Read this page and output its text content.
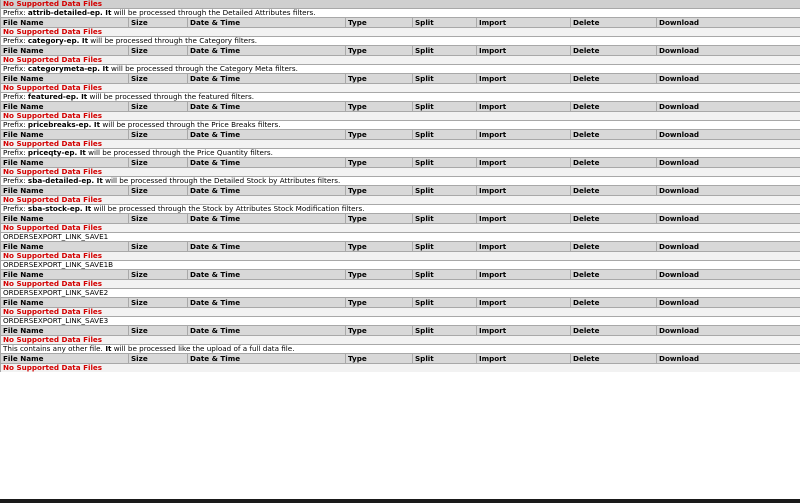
No Supported Data Files							
Prefix: attrib-detailed-ep. It will be processed through the Detailed Attributes filters.							
File Name	Size	Date & Time	Type	Split	Import	Delete	Download
No Supported Data Files							
Prefix: category-ep. It will be processed through the Category filters.							
File Name	Size	Date & Time	Type	Split	Import	Delete	Download
No Supported Data Files							
Prefix: categorymeta-ep. It will be processed through the Category Meta filters.							
File Name	Size	Date & Time	Type	Split	Import	Delete	Download
No Supported Data Files							
Prefix: featured-ep. It will be processed through the featured filters.							
File Name	Size	Date & Time	Type	Split	Import	Delete	Download
No Supported Data Files							
Prefix: pricebreaks-ep. It will be processed through the Price Breaks filters.							
File Name	Size	Date & Time	Type	Split	Import	Delete	Download
No Supported Data Files							
Prefix: priceqty-ep. It will be processed through the Price Quantity filters.							
File Name	Size	Date & Time	Type	Split	Import	Delete	Download
No Supported Data Files							
Prefix: sba-detailed-ep. It will be processed through the Detailed Stock by Attributes filters.							
File Name	Size	Date & Time	Type	Split	Import	Delete	Download
No Supported Data Files							
Prefix: sba-stock-ep. It will be processed through the Stock by Attributes Stock Modification filters.							
File Name	Size	Date & Time	Type	Split	Import	Delete	Download
No Supported Data Files							
ORDERSEXPORT_LINK_SAVE1							
File Name	Size	Date & Time	Type	Split	Import	Delete	Download
No Supported Data Files							
ORDERSEXPORT_LINK_SAVE1B							
File Name	Size	Date & Time	Type	Split	Import	Delete	Download
No Supported Data Files							
ORDERSEXPORT_LINK_SAVE2							
File Name	Size	Date & Time	Type	Split	Import	Delete	Download
No Supported Data Files							
ORDERSEXPORT_LINK_SAVE3							
File Name	Size	Date & Time	Type	Split	Import	Delete	Download
No Supported Data Files							
This contains any other file. It will be processed like the upload of a full data file.							
File Name	Size	Date & Time	Type	Split	Import	Delete	Download
No Supported Data Files							
